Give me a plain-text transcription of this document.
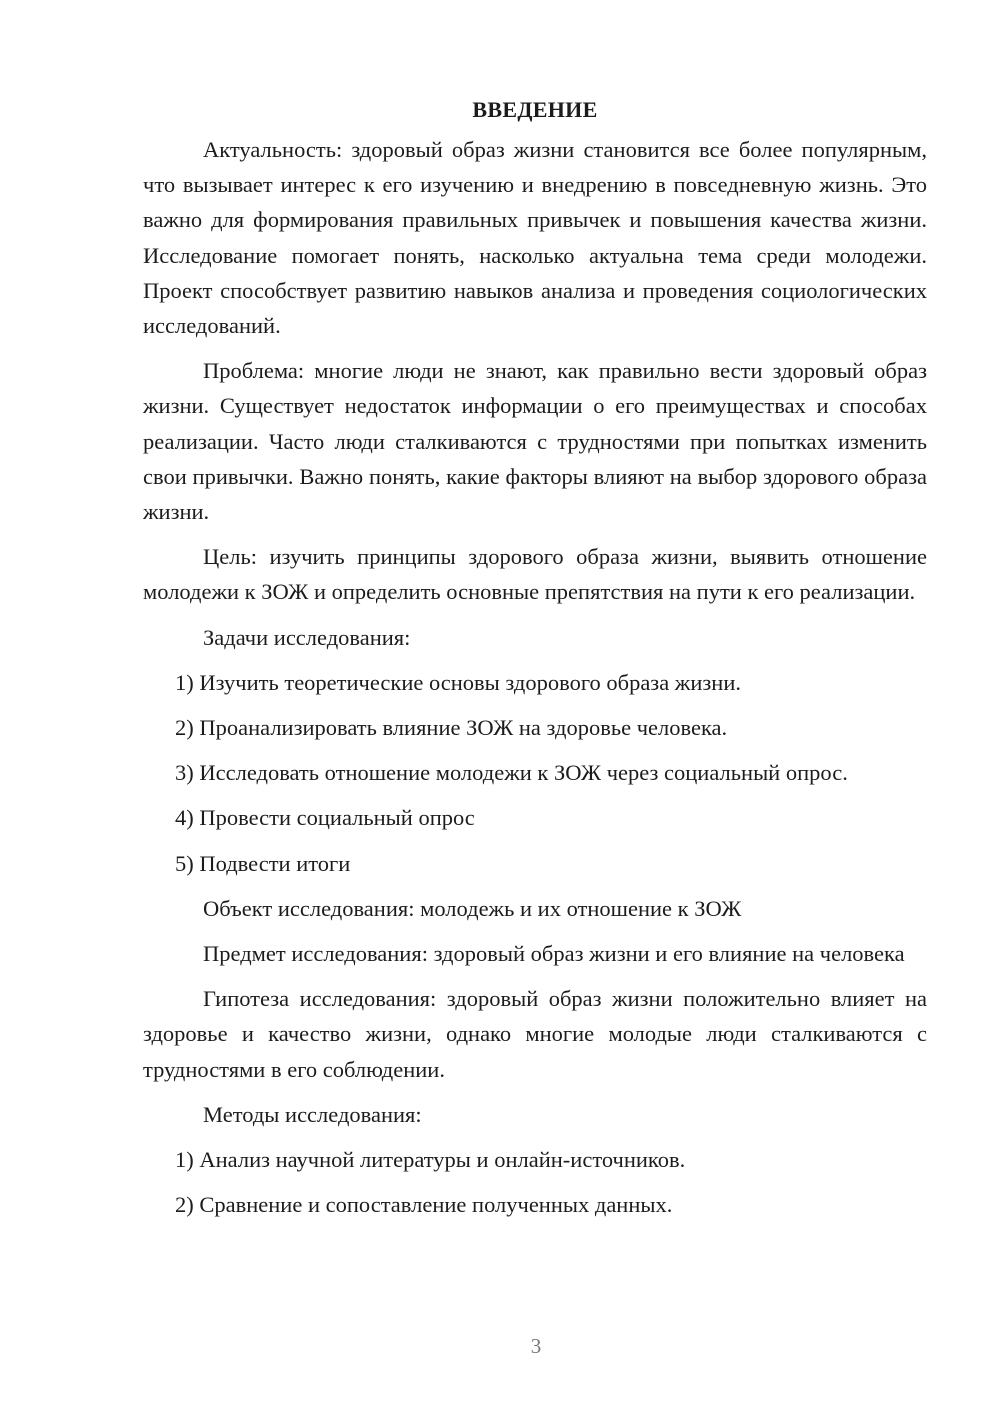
ВВЕДЕНИЕ

Актуальность: здоровый образ жизни становится все более популярным, что вызывает интерес к его изучению и внедрению в повседневную жизнь. Это важно для формирования правильных привычек и повышения качества жизни. Исследование помогает понять, насколько актуальна тема среди молодежи. Проект способствует развитию навыков анализа и проведения социологических исследований.

Проблема: многие люди не знают, как правильно вести здоровый образ жизни. Существует недостаток информации о его преимуществах и способах реализации. Часто люди сталкиваются с трудностями при попытках изменить свои привычки. Важно понять, какие факторы влияют на выбор здорового образа жизни.

Цель: изучить принципы здорового образа жизни, выявить отношение молодежи к ЗОЖ и определить основные препятствия на пути к его реализации.

Задачи исследования:

1) Изучить теоретические основы здорового образа жизни.
2) Проанализировать влияние ЗОЖ на здоровье человека.
3) Исследовать отношение молодежи к ЗОЖ через социальный опрос.
4) Провести социальный опрос
5) Подвести итоги

Объект исследования: молодежь и их отношение к ЗОЖ

Предмет исследования: здоровый образ жизни и его влияние на человека

Гипотеза исследования: здоровый образ жизни положительно влияет на здоровье и качество жизни, однако многие молодые люди сталкиваются с трудностями в его соблюдении.

Методы исследования:

1) Анализ научной литературы и онлайн-источников.
2) Сравнение и сопоставление полученных данных.
3
